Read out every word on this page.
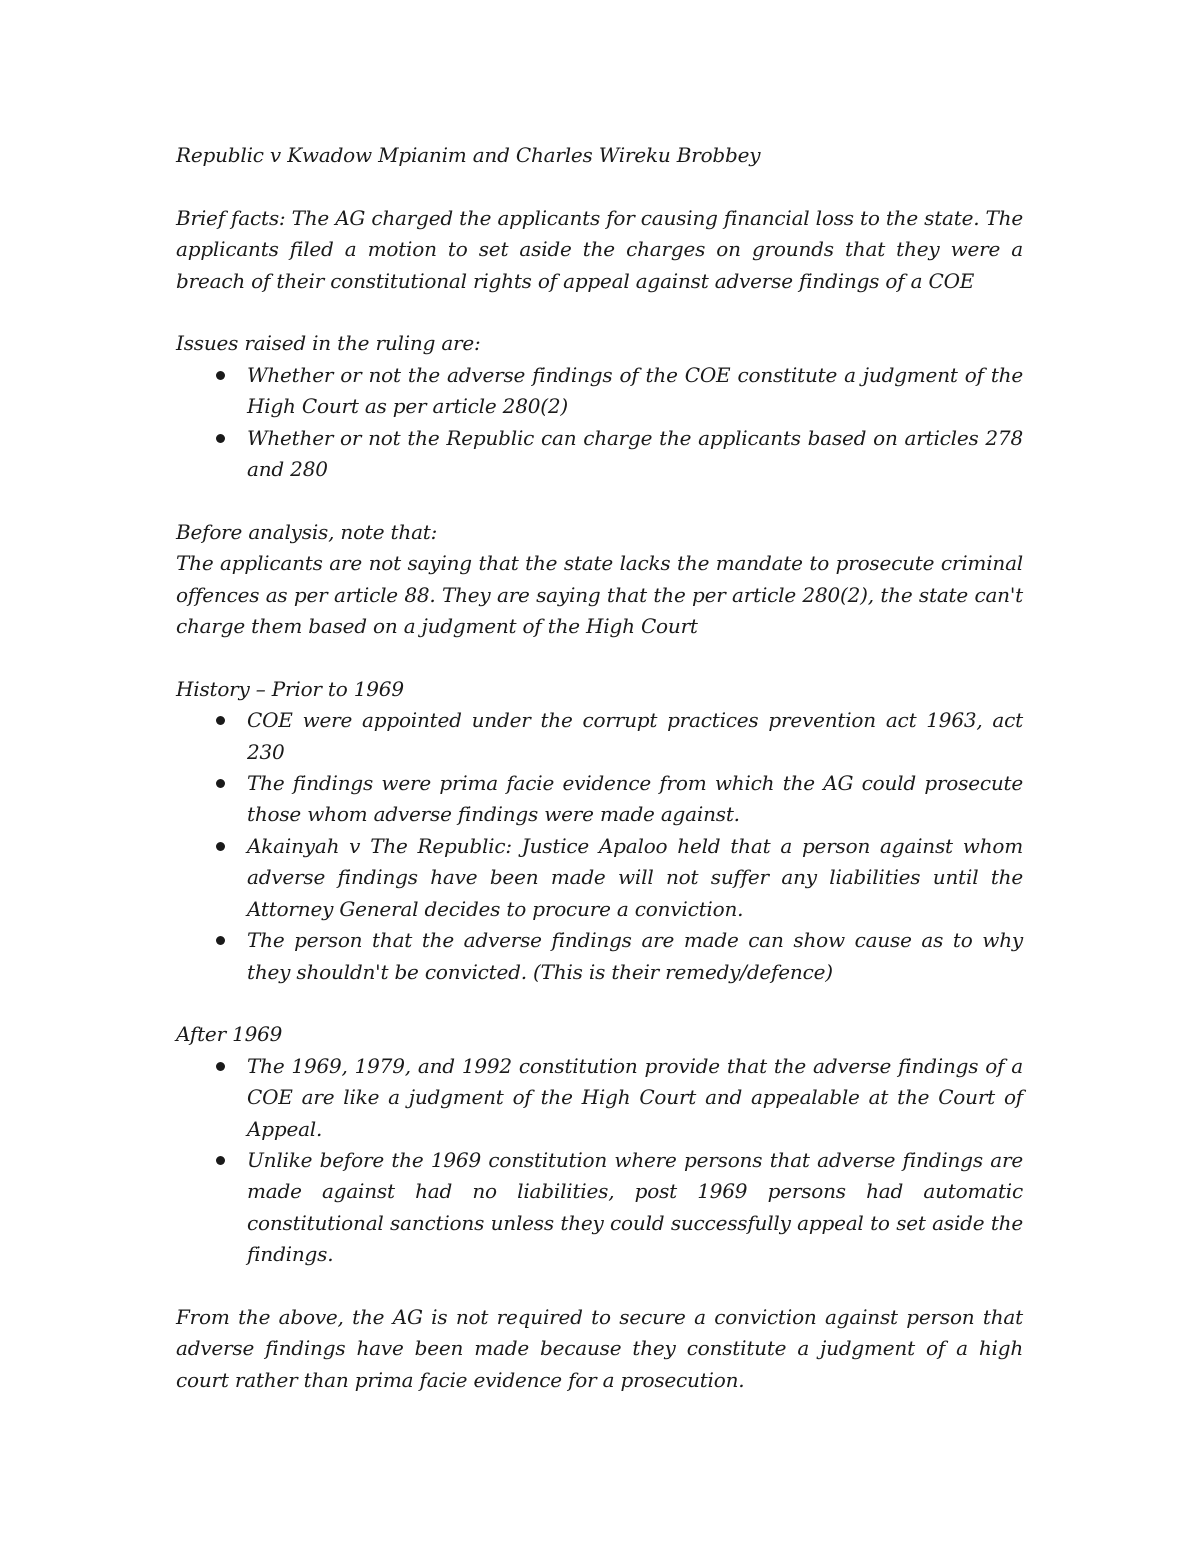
Republic v Kwadow Mpianim and Charles Wireku Brobbey

Brief facts: The AG charged the applicants for causing financial loss to the state. The applicants filed a motion to set aside the charges on grounds that they were a breach of their constitutional rights of appeal against adverse findings of a COE

Issues raised in the ruling are:

Whether or not the adverse findings of the COE constitute a judgment of the High Court as per article 280(2)
Whether or not the Republic can charge the applicants based on articles 278 and 280

Before analysis, note that:

The applicants are not saying that the state lacks the mandate to prosecute criminal offences as per article 88. They are saying that the per article 280(2), the state can't charge them based on a judgment of the High Court

History – Prior to 1969

COE were appointed under the corrupt practices prevention act 1963, act 230
The findings were prima facie evidence from which the AG could prosecute those whom adverse findings were made against.
Akainyah v The Republic: Justice Apaloo held that a person against whom adverse findings have been made will not suffer any liabilities until the Attorney General decides to procure a conviction.
The person that the adverse findings are made can show cause as to why they shouldn't be convicted. (This is their remedy/defence)

After 1969

The 1969, 1979, and 1992 constitution provide that the adverse findings of a COE are like a judgment of the High Court and appealable at the Court of Appeal.
Unlike before the 1969 constitution where persons that adverse findings are made against had no liabilities, post 1969 persons had automatic constitutional sanctions unless they could successfully appeal to set aside the findings.

From the above, the AG is not required to secure a conviction against person that adverse findings have been made because they constitute a judgment of a high court rather than prima facie evidence for a prosecution.
